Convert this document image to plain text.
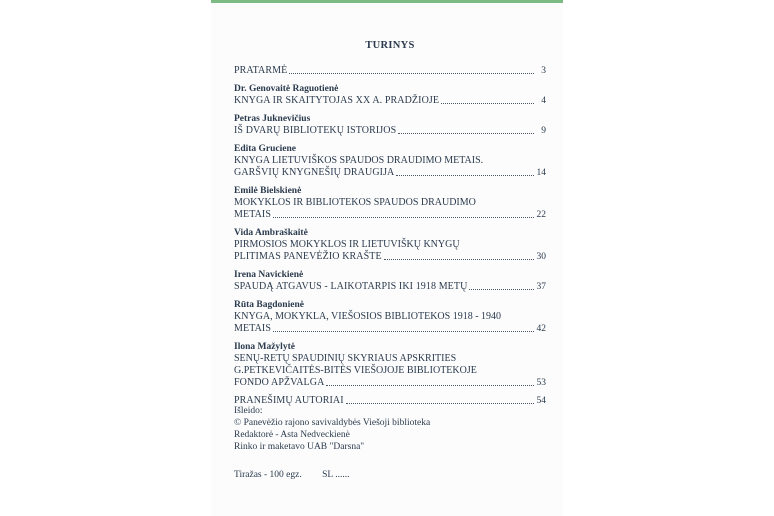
TURINYS
PRATARMĖ	3
Dr. Genovaitė Raguotienė
KNYGA IR SKAITYTOJAS XX A. PRADŽIOJE	4
Petras Juknevičius
IŠ DVARŲ BIBLIOTEKŲ ISTORIJOS	9
Edita Gruciene
KNYGA LIETUVIŠKOS SPAUDOS DRAUDIMO METAIS.
GARŠVIŲ KNYGNEŠIŲ DRAUGIJA	14
Emilė Bielskienė
MOKYKLOS IR BIBLIOTEKOS SPAUDOS DRAUDIMO
METAIS	22
Vida Ambraškaitė
PIRMOSIOS MOKYKLOS IR LIETUVIŠKŲ KNYGŲ
PLITIMAS PANEVĖŽIO KRAŠTE	30
Irena Navickienė
SPAUDĄ ATGAVUS - LAIKOTARPIS IKI 1918 METŲ	37
Rūta Bagdonienė
KNYGA, MOKYKLA, VIEŠOSIOS BIBLIOTEKOS 1918 - 1940
METAIS	42
Ilona Mažylytė
SENŲ-RETŲ SPAUDINIŲ SKYRIAUS APSKRITIES
G.PETKEVIČAITĖS-BITĖS VIEŠOJOJE BIBLIOTEKOJE
FONDO APŽVALGA	53
PRANEŠIMŲ AUTORIAI	54
Išleido:
© Panevėžio rajono savivaldybės Viešoji biblioteka
Redaktorė - Asta Nedveckienė
Rinko ir maketavo UAB "Darsna"
Tiražas - 100 egz. SL ......
